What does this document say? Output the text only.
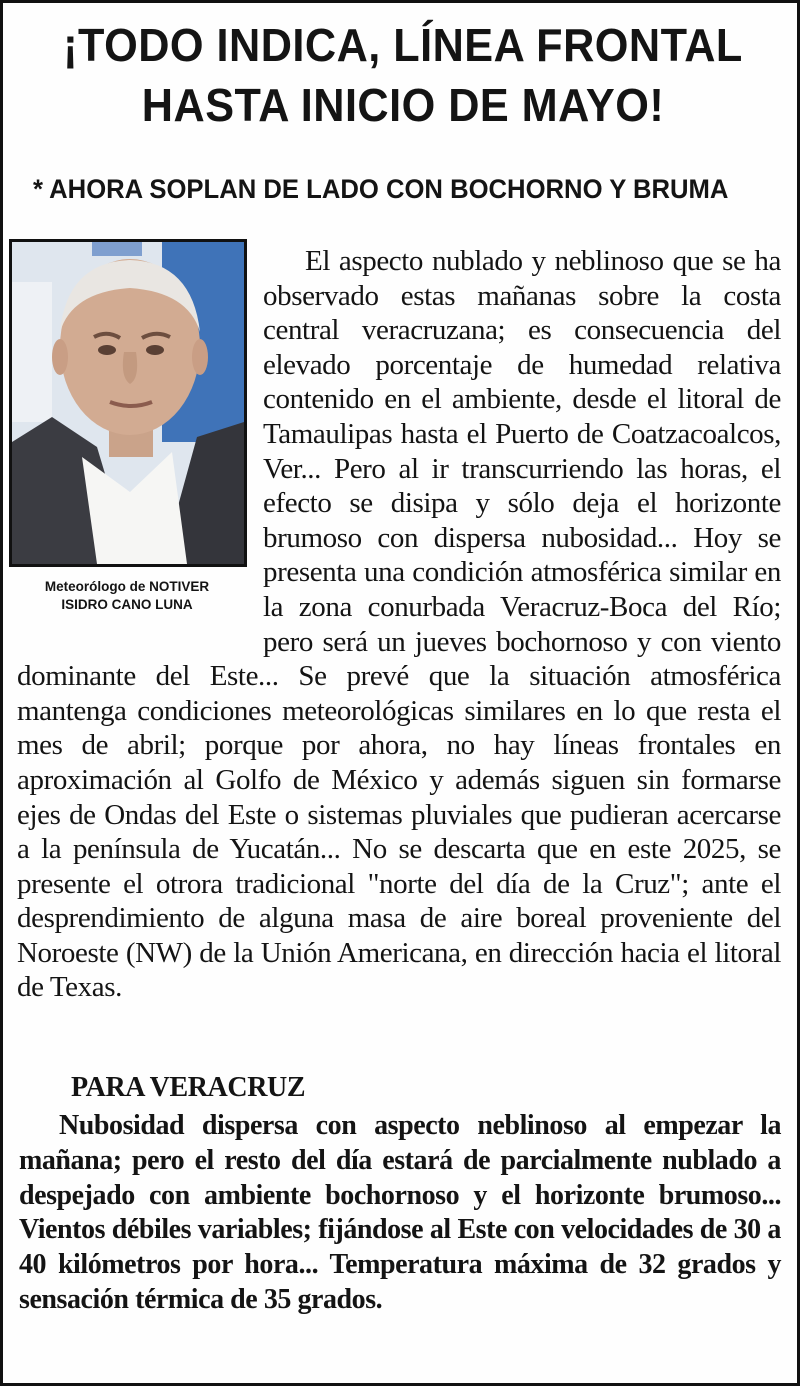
¡TODO INDICA, LÍNEA FRONTAL
HASTA INICIO DE MAYO!
* AHORA SOPLAN DE LADO CON BOCHORNO Y BRUMA
El aspecto nublado y neblinoso que se ha observado estas mañanas sobre la costa central veracruzana; es consecuencia del elevado porcentaje de humedad relativa contenido en el ambiente, desde el litoral de Tamaulipas hasta el Puerto de Coatzacoalcos, Ver... Pero al ir transcurriendo las horas, el efecto se disipa y sólo deja el horizonte brumoso con dispersa nubosidad... Hoy se presenta una condición atmosférica similar en la zona conurbada Veracruz-Boca del Río; pero será un jueves bochornoso y con viento dominante del Este... Se prevé que la situación atmosférica mantenga condiciones meteorológicas similares en lo que resta el mes de abril; porque por ahora, no hay líneas frontales en aproximación al Golfo de México y además siguen sin formarse ejes de Ondas del Este o sistemas pluviales que pudieran acercarse a la península de Yucatán... No se descarta que en este 2025, se presente el otrora tradicional "norte del día de la Cruz"; ante el desprendimiento de alguna masa de aire boreal proveniente del Noroeste (NW) de la Unión Americana, en dirección hacia el litoral de Texas.
Meteorólogo de NOTIVER
ISIDRO CANO LUNA
PARA VERACRUZ
Nubosidad dispersa con aspecto neblinoso al empezar la mañana; pero el resto del día estará de parcialmente nublado a despejado con ambiente bochornoso y el horizonte brumoso... Vientos débiles variables; fijándose al Este con velocidades de 30 a 40 kilómetros por hora... Temperatura máxima de 32 grados y sensación térmica de 35 grados.
